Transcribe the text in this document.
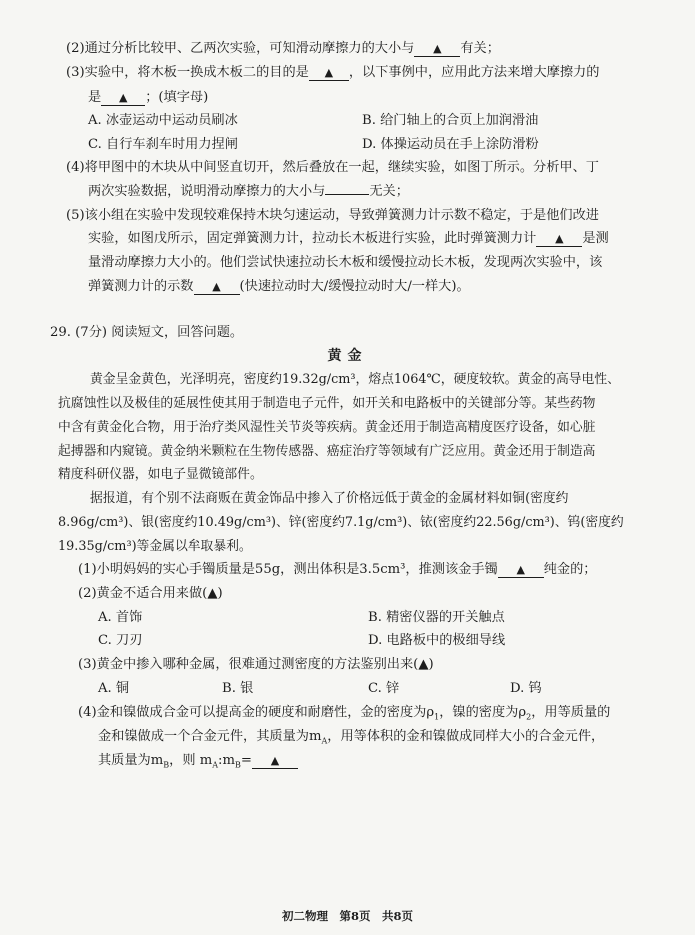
(2)通过分析比较甲、乙两次实验，可知滑动摩擦力的大小与 ▲ 有关；
(3)实验中，将木板一换成木板二的目的是 ▲ ，以下事例中，应用此方法来增大摩擦力的
是 ▲ ；(填字母)
A. 冰壶运动中运动员刷冰	B. 给门轴上的合页上加润滑油
C. 自行车刹车时用力捏闸	D. 体操运动员在手上涂防滑粉
(4)将甲图中的木块从中间竖直切开，然后叠放在一起，继续实验，如图丁所示。分析甲、丁
两次实验数据，说明滑动摩擦力的大小与	无关；
(5)该小组在实验中发现较难保持木块匀速运动，导致弹簧测力计示数不稳定，于是他们改进
实验，如图戊所示，固定弹簧测力计，拉动长木板进行实验，此时弹簧测力计 ▲ 是测
量滑动摩擦力大小的。他们尝试快速拉动长木板和缓慢拉动长木板，发现两次实验中，该
弹簧测力计的示数 ▲ (快速拉动时大/缓慢拉动时大/一样大)。
29. (7分) 阅读短文，回答问题。
黄金
黄金呈金黄色，光泽明亮，密度约19.32g/cm³，熔点1064℃，硬度较软。黄金的高导电性、
抗腐蚀性以及极佳的延展性使其用于制造电子元件，如开关和电路板中的关键部分等。某些药物
中含有黄金化合物，用于治疗类风湿性关节炎等疾病。黄金还用于制造高精度医疗设备，如心脏
起搏器和内窥镜。黄金纳米颗粒在生物传感器、癌症治疗等领域有广泛应用。黄金还用于制造高
精度科研仪器，如电子显微镜部件。
据报道，有个别不法商贩在黄金饰品中掺入了价格远低于黄金的金属材料如铜(密度约
8.96g/cm³)、银(密度约10.49g/cm³)、锌(密度约7.1g/cm³)、铱(密度约22.56g/cm³)、钨(密度约
19.35g/cm³)等金属以牟取暴利。
(1)小明妈妈的实心手镯质量是55g，测出体积是3.5cm³，推测该金手镯 ▲ 纯金的；
(2)黄金不适合用来做(▲)
A. 首饰	B. 精密仪器的开关触点
C. 刀刃	D. 电路板中的极细导线
(3)黄金中掺入哪种金属，很难通过测密度的方法鉴别出来(▲)
A. 铜	B. 银	C. 锌	D. 钨
(4)金和镍做成合金可以提高金的硬度和耐磨性，金的密度为$\rho_1$，镍的密度为$\rho_2$，用等质量的
金和镍做成一个合金元件，其质量为$m_A$，用等体积的金和镍做成同样大小的合金元件，
其质量为$m_B$，则 $m_A:m_B=$ ▲
初二物理　第8页　共8页
